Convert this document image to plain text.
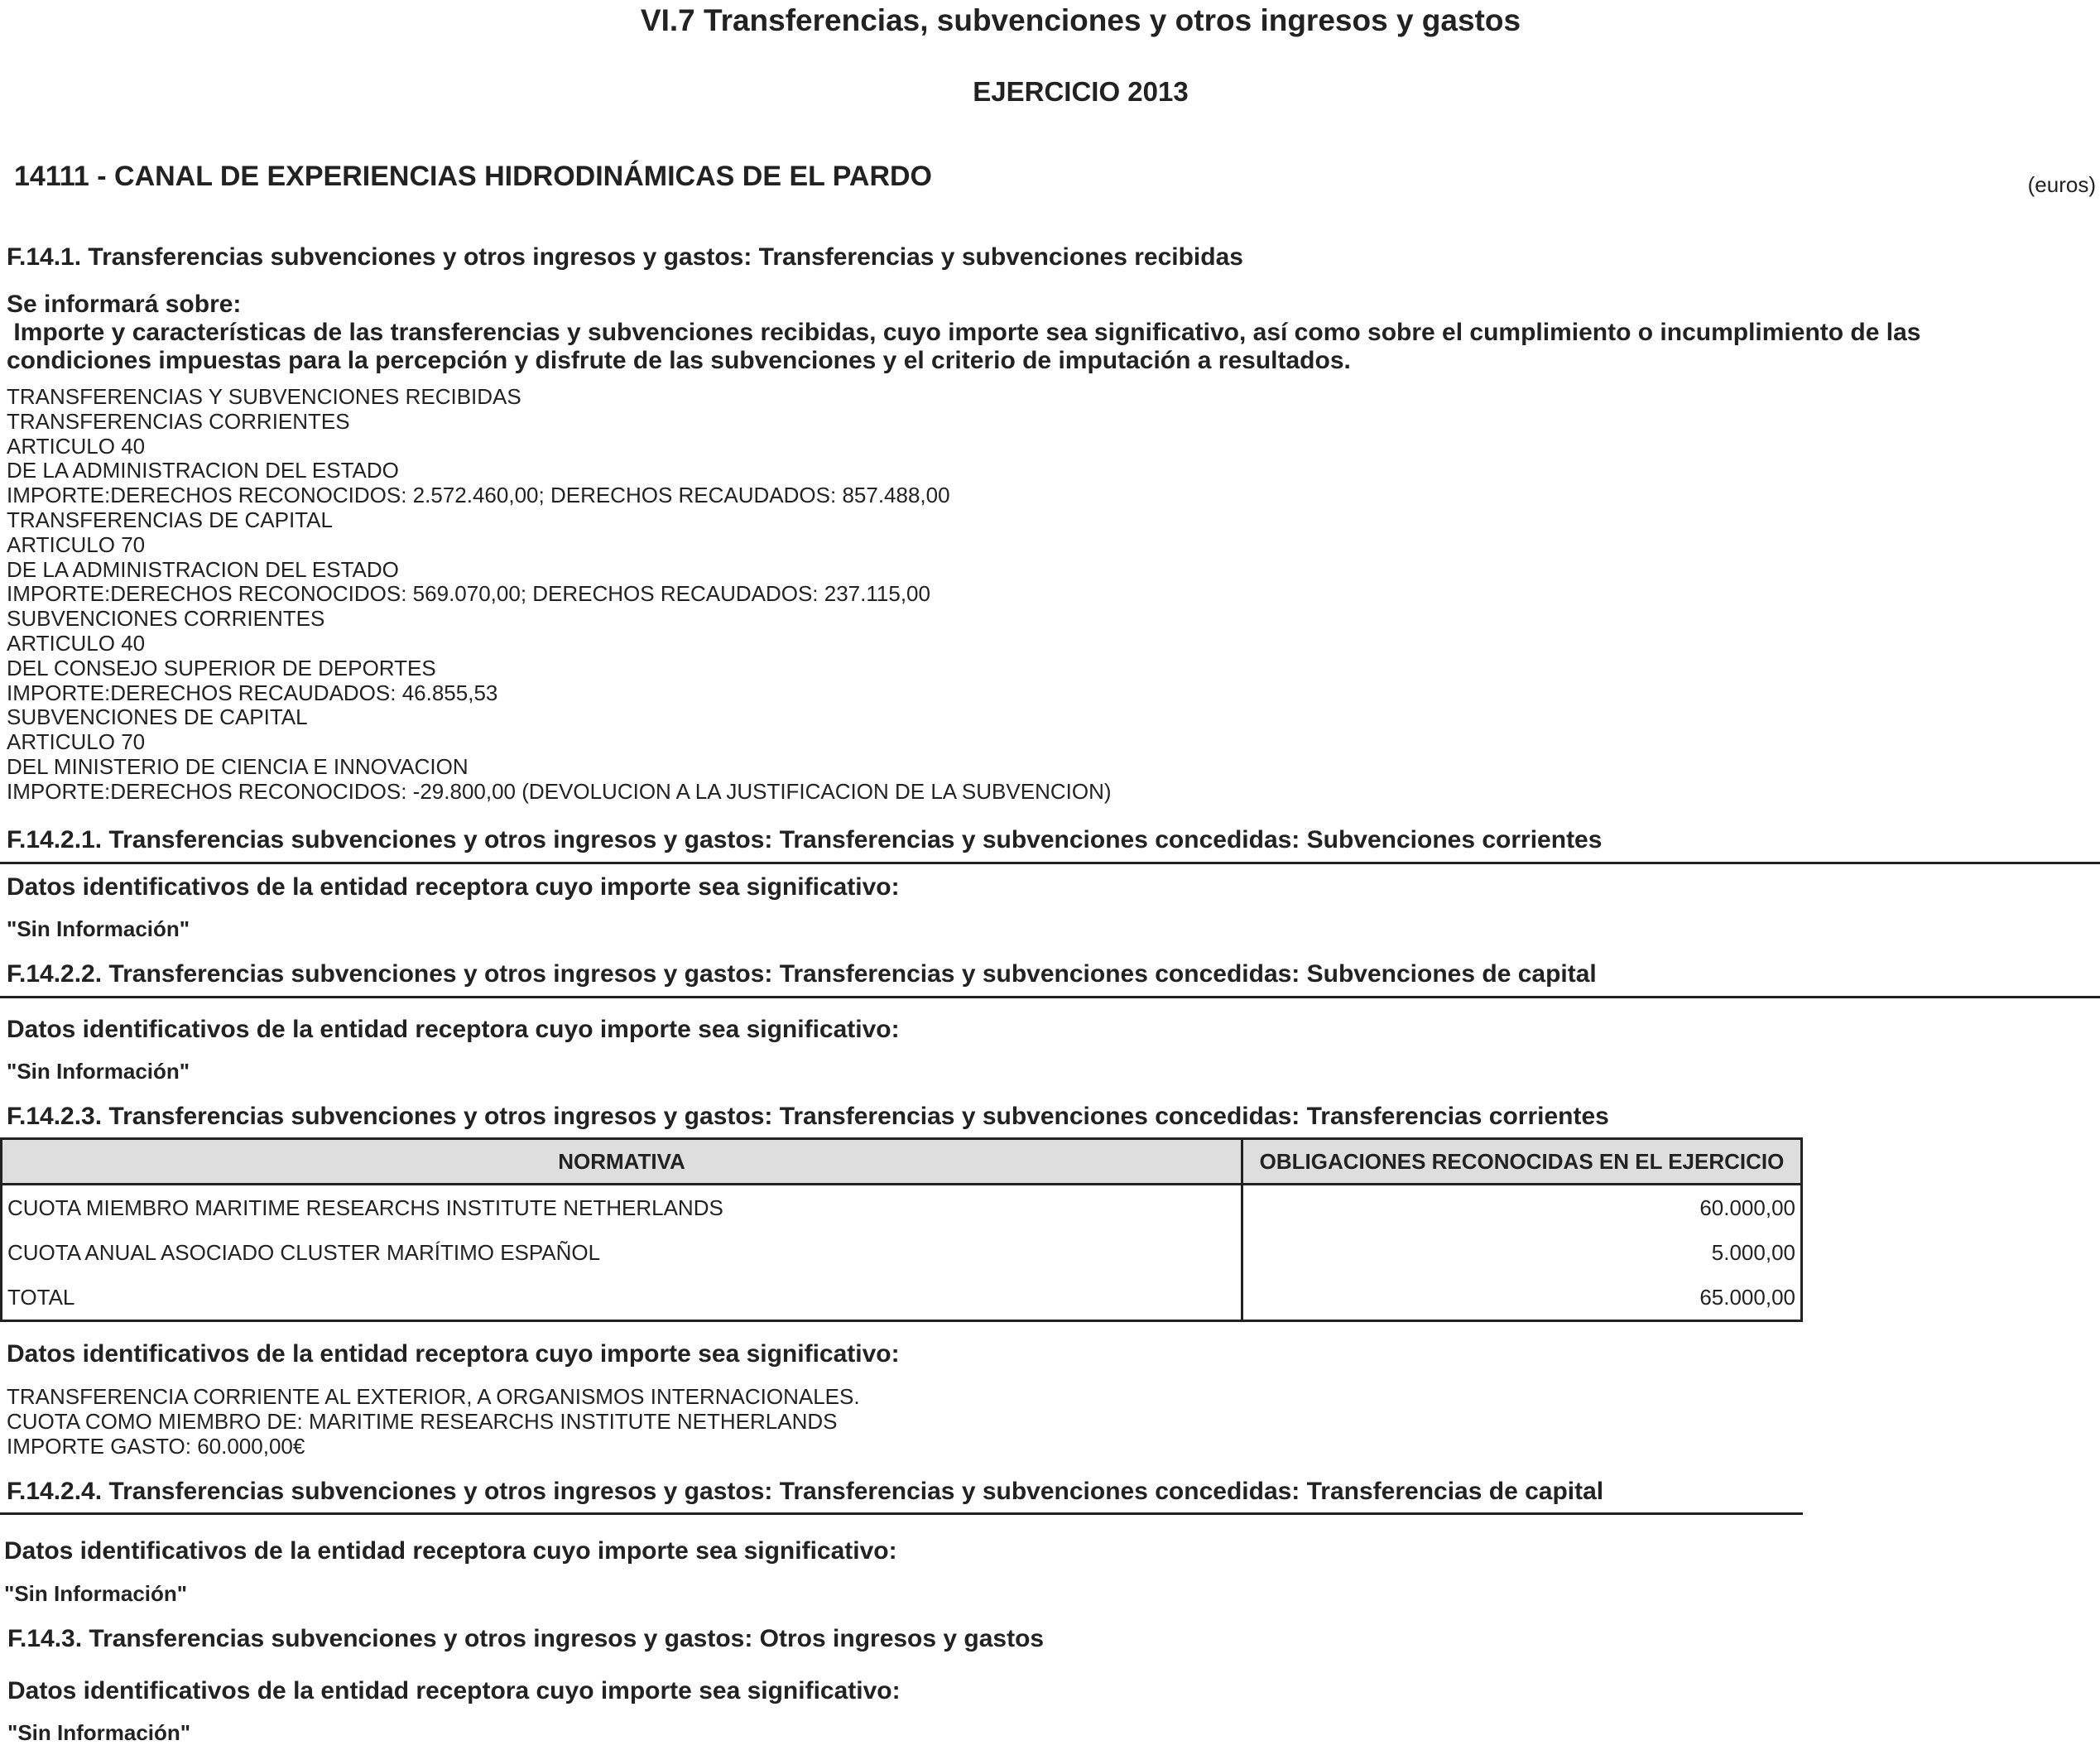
VI.7 Transferencias, subvenciones y otros ingresos y gastos
EJERCICIO 2013
14111 - CANAL DE EXPERIENCIAS HIDRODINÁMICAS DE EL PARDO	(euros)
F.14.1. Transferencias subvenciones y otros ingresos y gastos: Transferencias y subvenciones recibidas
Se informará sobre:
Importe y características de las transferencias y subvenciones recibidas, cuyo importe sea significativo, así como sobre el cumplimiento o incumplimiento de las
condiciones impuestas para la percepción y disfrute de las subvenciones y el criterio de imputación a resultados.
TRANSFERENCIAS Y SUBVENCIONES RECIBIDAS
TRANSFERENCIAS CORRIENTES
ARTICULO 40
DE LA ADMINISTRACION DEL ESTADO
IMPORTE:DERECHOS RECONOCIDOS: 2.572.460,00; DERECHOS RECAUDADOS: 857.488,00
TRANSFERENCIAS DE CAPITAL
ARTICULO 70
DE LA ADMINISTRACION DEL ESTADO
IMPORTE:DERECHOS RECONOCIDOS: 569.070,00; DERECHOS RECAUDADOS: 237.115,00
SUBVENCIONES CORRIENTES
ARTICULO 40
DEL CONSEJO SUPERIOR DE DEPORTES
IMPORTE:DERECHOS RECAUDADOS: 46.855,53
SUBVENCIONES DE CAPITAL
ARTICULO 70
DEL MINISTERIO DE CIENCIA E INNOVACION
IMPORTE:DERECHOS RECONOCIDOS: -29.800,00 (DEVOLUCION A LA JUSTIFICACION DE LA SUBVENCION)
F.14.2.1. Transferencias subvenciones y otros ingresos y gastos: Transferencias y subvenciones concedidas: Subvenciones corrientes
Datos identificativos de la entidad receptora cuyo importe sea significativo:
"Sin Información"
F.14.2.2. Transferencias subvenciones y otros ingresos y gastos: Transferencias y subvenciones concedidas: Subvenciones de capital
Datos identificativos de la entidad receptora cuyo importe sea significativo:
"Sin Información"
F.14.2.3. Transferencias subvenciones y otros ingresos y gastos: Transferencias y subvenciones concedidas: Transferencias corrientes
NORMATIVA	OBLIGACIONES RECONOCIDAS EN EL EJERCICIO
CUOTA MIEMBRO MARITIME RESEARCHS INSTITUTE NETHERLANDS	60.000,00
CUOTA ANUAL ASOCIADO CLUSTER MARÍTIMO ESPAÑOL	5.000,00
TOTAL	65.000,00
Datos identificativos de la entidad receptora cuyo importe sea significativo:
TRANSFERENCIA CORRIENTE AL EXTERIOR, A ORGANISMOS INTERNACIONALES.
CUOTA COMO MIEMBRO DE: MARITIME RESEARCHS INSTITUTE NETHERLANDS
IMPORTE GASTO: 60.000,00€
F.14.2.4. Transferencias subvenciones y otros ingresos y gastos: Transferencias y subvenciones concedidas: Transferencias de capital
Datos identificativos de la entidad receptora cuyo importe sea significativo:
"Sin Información"
F.14.3. Transferencias subvenciones y otros ingresos y gastos: Otros ingresos y gastos
Datos identificativos de la entidad receptora cuyo importe sea significativo:
"Sin Información"
